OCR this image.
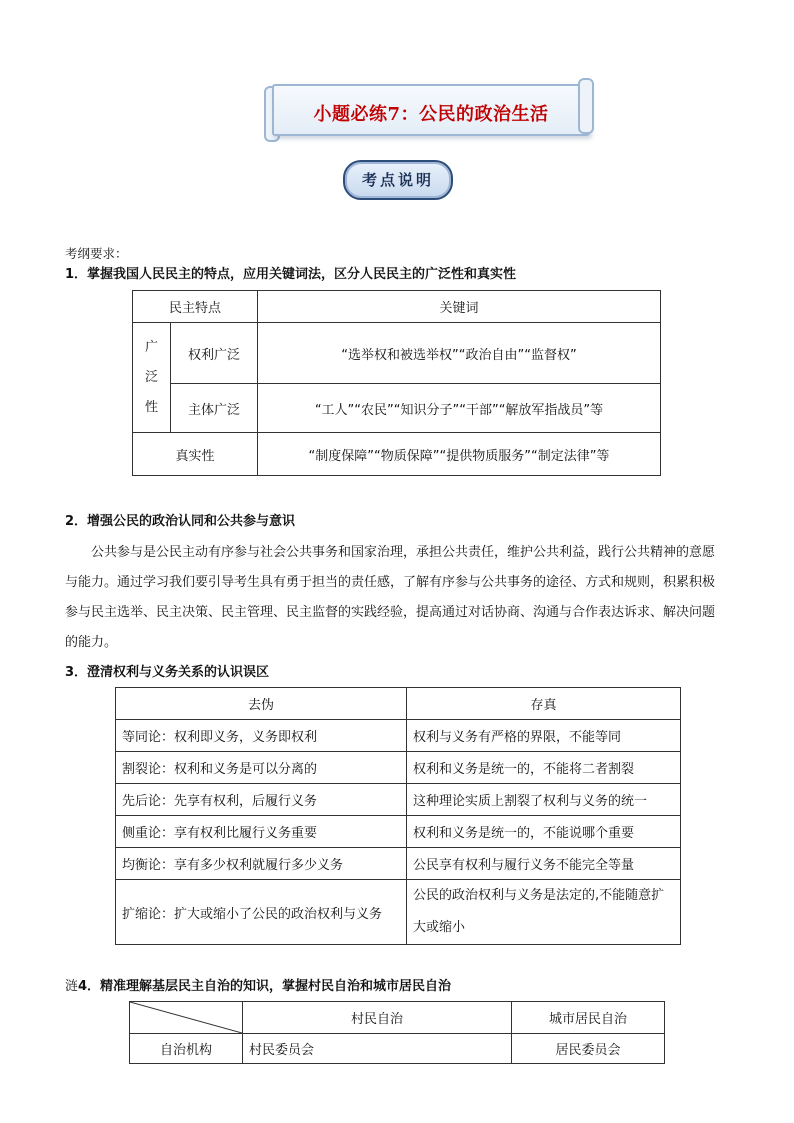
小题必练7：公民的政治生活
考点说明
考纲要求：
1．掌握我国人民民主的特点，应用关键词法，区分人民民主的广泛性和真实性
民主特点		关键词

广
泛
性	权利广泛	“选举权和被选举权”“政治自由”“监督权”
	主体广泛	“工人”“农民”“知识分子”“干部”“解放军指战员”等
真实性		“制度保障”“物质保障”“提供物质服务”“制定法律”等
2．增强公民的政治认同和公共参与意识
公共参与是公民主动有序参与社会公共事务和国家治理，承担公共责任，维护公共利益，践行公共精神的意愿与能力。通过学习我们要引导考生具有勇于担当的责任感，了解有序参与公共事务的途径、方式和规则，积累积极参与民主选举、民主决策、民主管理、民主监督的实践经验，提高通过对话协商、沟通与合作表达诉求、解决问题的能力。
3．澄清权利与义务关系的认识误区
去伪	存真
等同论：权利即义务，义务即权利	权利与义务有严格的界限，不能等同
割裂论：权利和义务是可以分离的	权利和义务是统一的，不能将二者割裂
先后论：先享有权利，后履行义务	这种理论实质上割裂了权利与义务的统一
侧重论：享有权利比履行义务重要	权利和义务是统一的，不能说哪个重要
均衡论：享有多少权利就履行多少义务	公民享有权利与履行义务不能完全等量
扩缩论：扩大或缩小了公民的政治权利与义务	公民的政治权利与义务是法定的,不能随意扩大或缩小
涟4．精准理解基层民主自治的知识，掌握村民自治和城市居民自治
	村民自治	城市居民自治
自治机构	村民委员会	居民委员会
